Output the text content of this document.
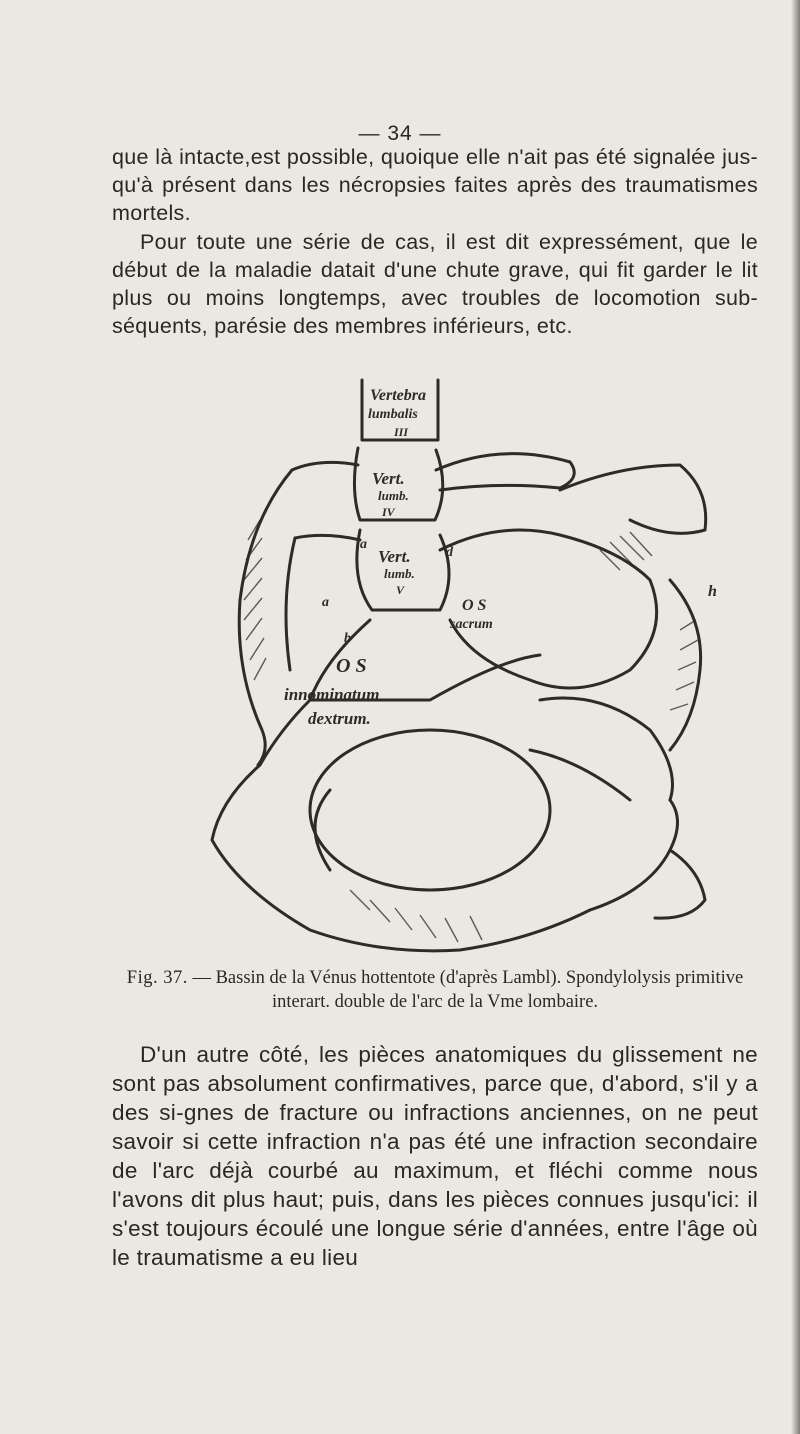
— 34 —

que là intacte,est possible, quoique elle n'ait pas été signalée jus-qu'à présent dans les nécropsies faites après des traumatismes mortels.

Pour toute une série de cas, il est dit expressément, que le début de la maladie datait d'une chute grave, qui fit garder le lit plus ou moins longtemps, avec troubles de locomotion sub-séquents, parésie des membres inférieurs, etc.

Vertebra
lumbalis
III
Vert.
lumb.
IV
Vert.
lumb.
V
O S
sacrum
O S
innominatum
dextrum.
a
a
b
d
h
Fig. 37. — Bassin de la Vénus hottentote (d'après Lambl). Spondylolysis primitive interart. double de l'arc de la Vme lombaire.

D'un autre côté, les pièces anatomiques du glissement ne sont pas absolument confirmatives, parce que, d'abord, s'il y a des si-gnes de fracture ou infractions anciennes, on ne peut savoir si cette infraction n'a pas été une infraction secondaire de l'arc déjà courbé au maximum, et fléchi comme nous l'avons dit plus haut; puis, dans les pièces connues jusqu'ici: il s'est toujours écoulé une longue série d'années, entre l'âge où le traumatisme a eu lieu
